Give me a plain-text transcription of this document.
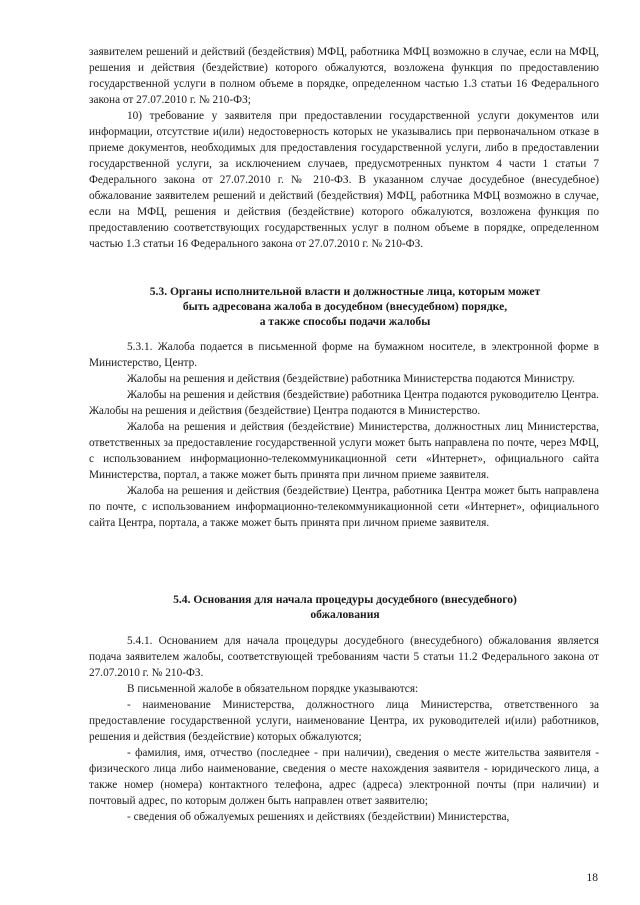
заявителем решений и действий (бездействия) МФЦ, работника МФЦ возможно в случае, если на МФЦ, решения и действия (бездействие) которого обжалуются, возложена функция по предоставлению государственной услуги в полном объеме в порядке, определенном частью 1.3 статьи 16 Федерального закона от 27.07.2010 г. № 210-ФЗ;

10) требование у заявителя при предоставлении государственной услуги документов или информации, отсутствие и(или) недостоверность которых не указывались при первоначальном отказе в приеме документов, необходимых для предоставления государственной услуги, либо в предоставлении государственной услуги, за исключением случаев, предусмотренных пунктом 4 части 1 статьи 7 Федерального закона от 27.07.2010 г. № 210-ФЗ. В указанном случае досудебное (внесудебное) обжалование заявителем решений и действий (бездействия) МФЦ, работника МФЦ возможно в случае, если на МФЦ, решения и действия (бездействие) которого обжалуются, возложена функция по предоставлению соответствующих государственных услуг в полном объеме в порядке, определенном частью 1.3 статьи 16 Федерального закона от 27.07.2010 г. № 210-ФЗ.

5.3. Органы исполнительной власти и должностные лица, которым может

быть адресована жалоба в досудебном (внесудебном) порядке,

а также способы подачи жалобы

5.3.1. Жалоба подается в письменной форме на бумажном носителе, в электронной форме в Министерство, Центр.

Жалобы на решения и действия (бездействие) работника Министерства подаются Министру.

Жалобы на решения и действия (бездействие) работника Центра подаются руководителю Центра. Жалобы на решения и действия (бездействие) Центра подаются в Министерство.

Жалоба на решения и действия (бездействие) Министерства, должностных лиц Министерства, ответственных за предоставление государственной услуги может быть направлена по почте, через МФЦ, с использованием информационно-телекоммуникационной сети «Интернет», официального сайта Министерства, портал, а также может быть принята при личном приеме заявителя.

Жалоба на решения и действия (бездействие) Центра, работника Центра может быть направлена по почте, с использованием информационно-телекоммуникационной сети «Интернет», официального сайта Центра, портала, а также может быть принята при личном приеме заявителя.

5.4. Основания для начала процедуры досудебного (внесудебного)

обжалования

5.4.1. Основанием для начала процедуры досудебного (внесудебного) обжалования является подача заявителем жалобы, соответствующей требованиям части 5 статьи 11.2 Федерального закона от 27.07.2010 г. № 210-ФЗ.

В письменной жалобе в обязательном порядке указываются:

- наименование Министерства, должностного лица Министерства, ответственного за предоставление государственной услуги, наименование Центра, их руководителей и(или) работников, решения и действия (бездействие) которых обжалуются;

- фамилия, имя, отчество (последнее - при наличии), сведения о месте жительства заявителя - физического лица либо наименование, сведения о месте нахождения заявителя - юридического лица, а также номер (номера) контактного телефона, адрес (адреса) электронной почты (при наличии) и почтовый адрес, по которым должен быть направлен ответ заявителю;

- сведения об обжалуемых решениях и действиях (бездействии) Министерства,

18
